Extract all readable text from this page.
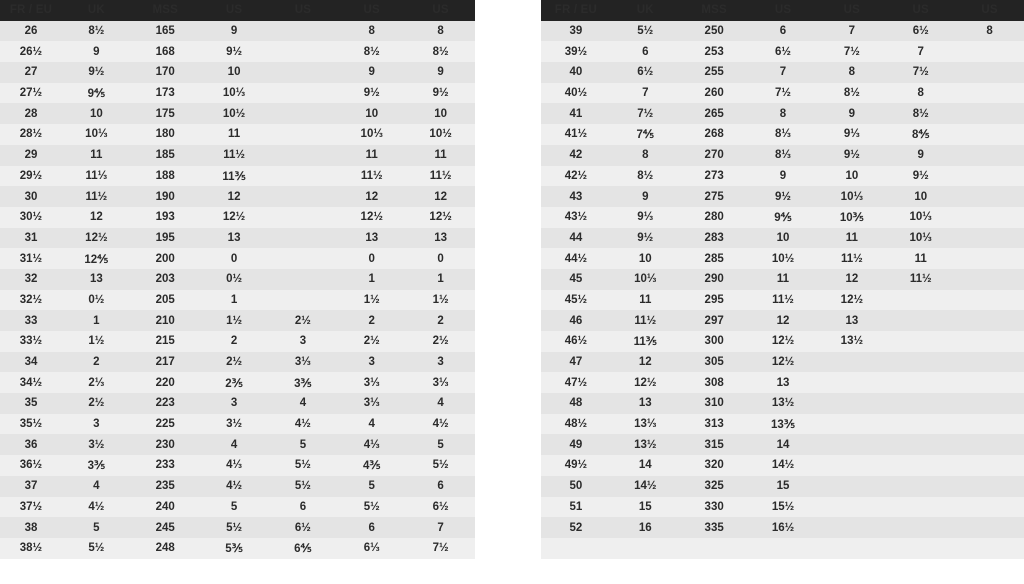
FR / EU	UK	MSS	US	US	US	US
26	8½	165	9		8	8
26½	9	168	9½		8½	8½
27	9½	170	10		9	9
27½	9⅘	173	10⅓		9½	9½
28	10	175	10½		10	10
28½	10⅓	180	11		10⅓	10½
29	11	185	11½		11	11
29½	11⅓	188	11⅗		11½	11½
30	11½	190	12		12	12
30½	12	193	12½		12½	12½
31	12½	195	13		13	13
31½	12⅘	200	0		0	0
32	13	203	0½		1	1
32½	0½	205	1		1½	1½
33	1	210	1½	2½	2	2
33½	1½	215	2	3	2½	2½
34	2	217	2½	3⅓	3	3
34½	2⅓	220	2⅗	3⅗	3⅓	3⅓
35	2½	223	3	4	3⅓	4
35½	3	225	3½	4½	4	4½
36	3½	230	4	5	4⅓	5
36½	3⅗	233	4⅓	5½	4⅗	5½
37	4	235	4½	5½	5	6
37½	4½	240	5	6	5½	6½
38	5	245	5½	6½	6	7
38½	5½	248	5⅗	6⅘	6⅓	7½
FR / EU	UK	MSS	US	US	US	US
39	5½	250	6	7	6½	8
39½	6	253	6½	7½	7	
40	6½	255	7	8	7½	
40½	7	260	7½	8½	8	
41	7½	265	8	9	8½	
41½	7⅘	268	8⅓	9⅓	8⅘	
42	8	270	8⅓	9½	9	
42½	8½	273	9	10	9½	
43	9	275	9½	10⅓	10	
43½	9⅓	280	9⅘	10⅗	10⅓	
44	9½	283	10	11	10⅓	
44½	10	285	10½	11½	11	
45	10⅓	290	11	12	11½	
45½	11	295	11½	12½		
46	11½	297	12	13		
46½	11⅗	300	12½	13½		
47	12	305	12½			
47½	12½	308	13			
48	13	310	13½			
48½	13⅓	313	13⅗			
49	13½	315	14			
49½	14	320	14½			
50	14½	325	15			
51	15	330	15½			
52	16	335	16½			
